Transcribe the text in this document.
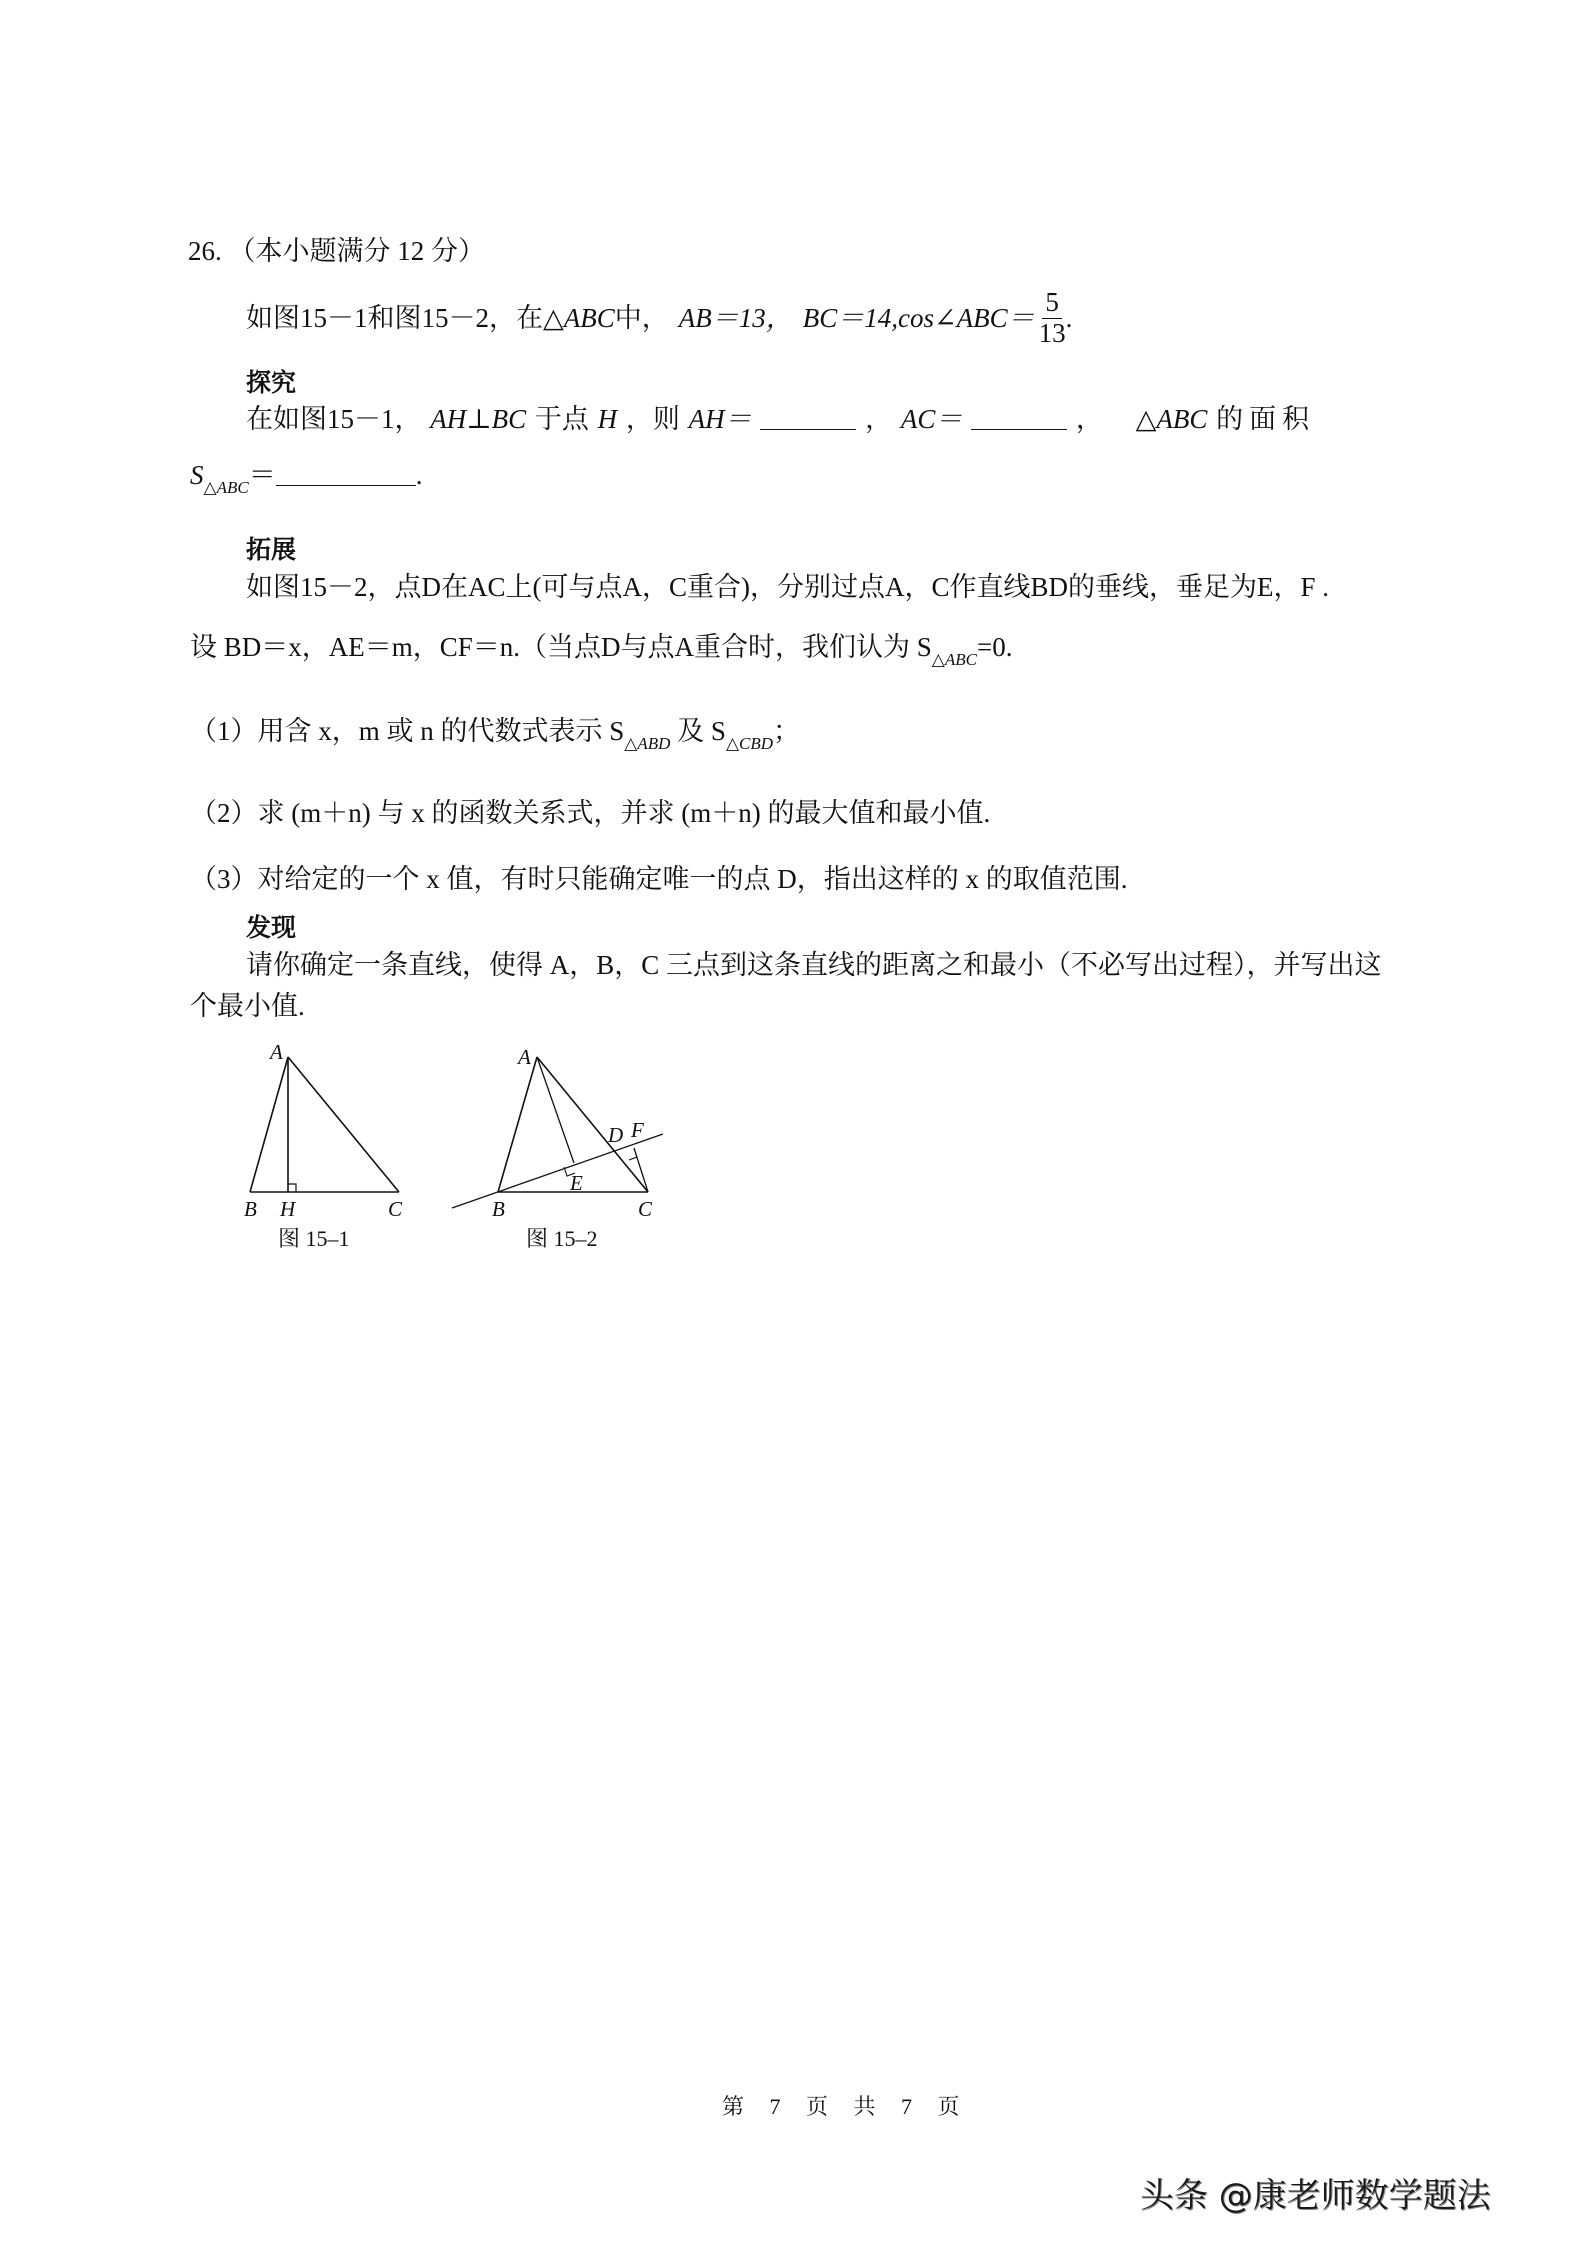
26. （本小题满分 12 分）
如图15－1和图15－2，在 △ABC 中， AB＝13， BC＝14,cos∠ABC＝ $\frac{5}{13}$ .
探究
在如图15－1， AH⊥BC 于点 H ，则 AH＝	， AC＝	， △ABC 的面积
$S_{\triangle ABC}=$	.
拓展
如图15－2，点D在AC上(可与点A，C重合)，分别过点A，C作直线BD的垂线，垂足为E，F .
设 BD＝x，AE＝m，CF＝n.（当点D与点A重合时，我们认为 $S_{\triangle ABC}=0$.
（1）用含 x，m 或 n 的代数式表示 $S_{\triangle ABD}$ 及 $S_{\triangle CBD}$；
（2）求 (m＋n) 与 x 的函数关系式，并求 (m＋n) 的最大值和最小值.
（3）对给定的一个 x 值，有时只能确定唯一的点 D，指出这样的 x 的取值范围.
发现
请你确定一条直线，使得 A，B，C 三点到这条直线的距离之和最小（不必写出过程），并写出这
个最小值.
A
B H	C
图 15–1
A
B	C
D F
E
图 15–2
第 7 页 共 7 页
头条 @康老师数学题法
